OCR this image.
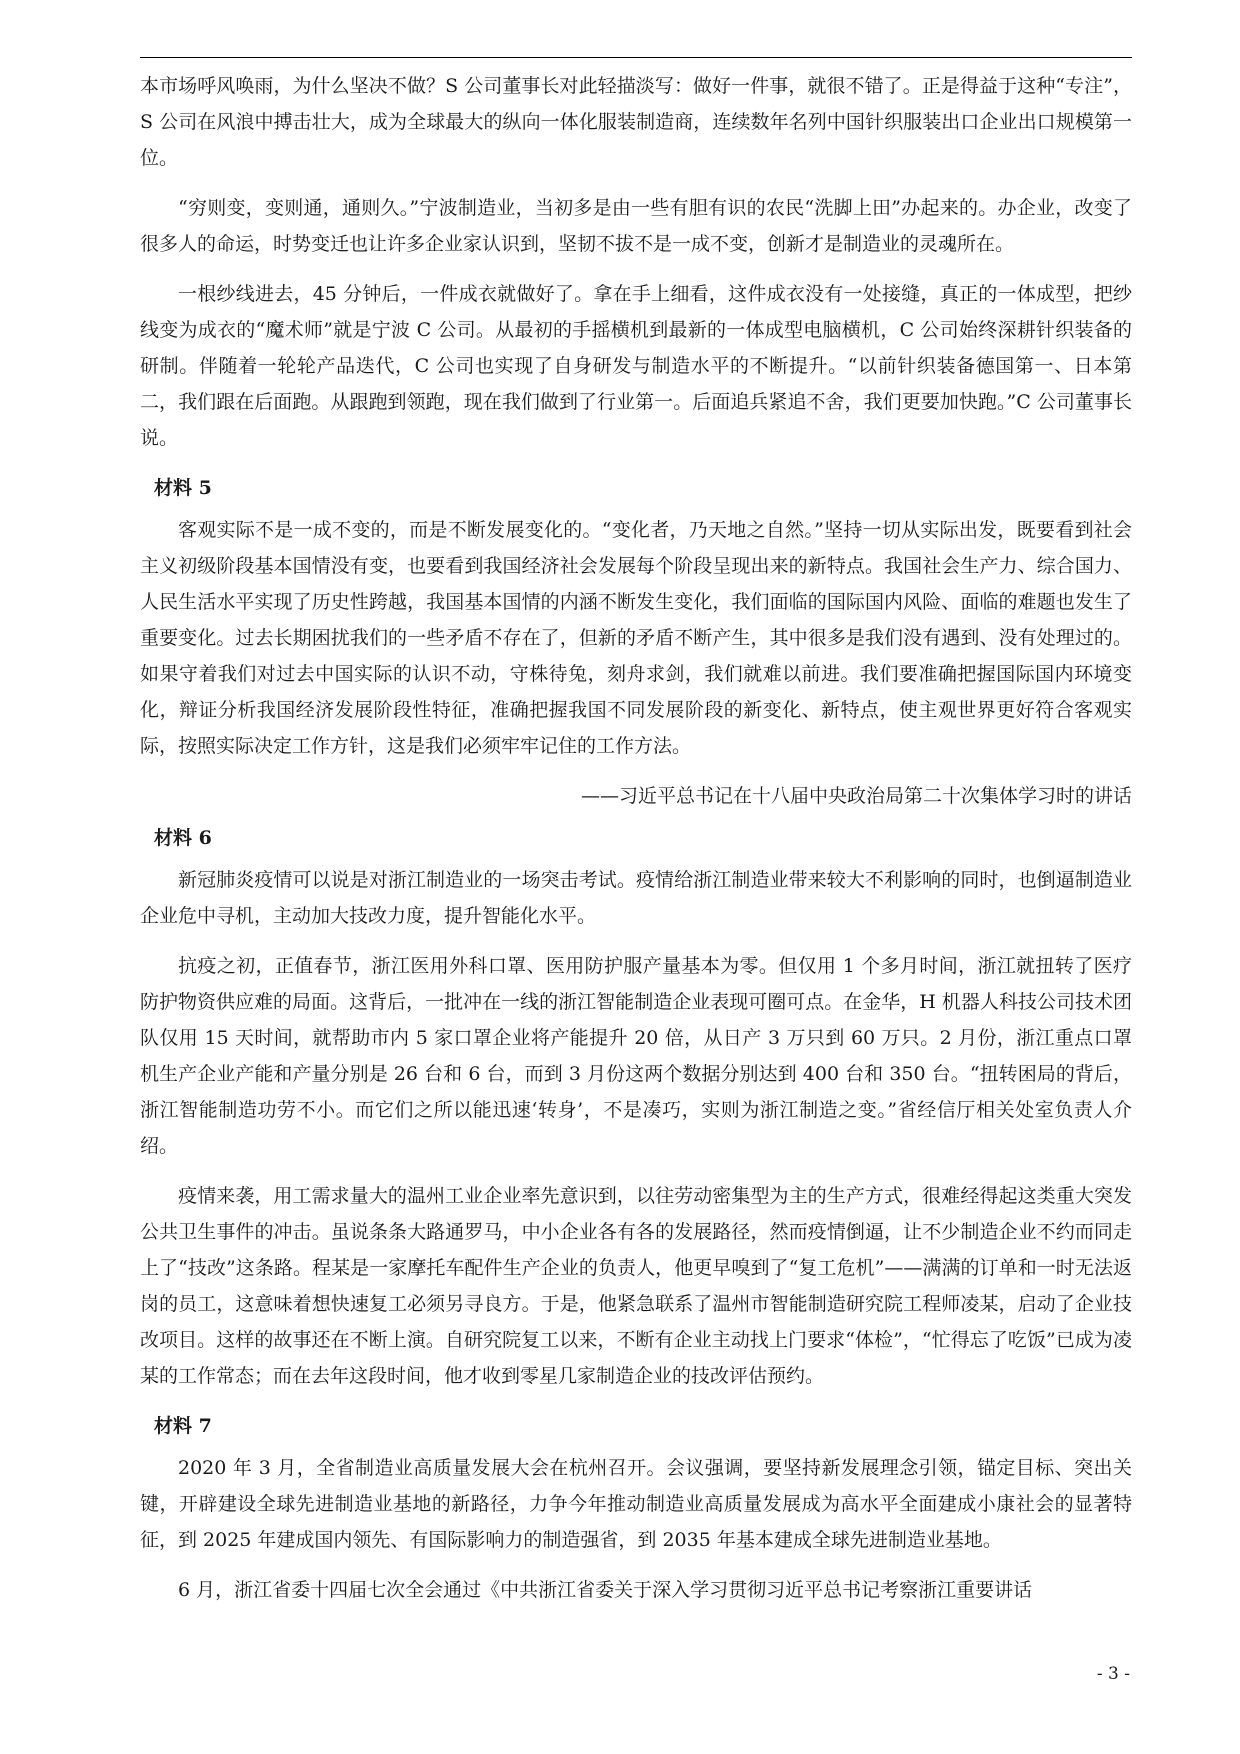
本市场呼风唤雨，为什么坚决不做？S 公司董事长对此轻描淡写：做好一件事，就很不错了。正是得益于这种“专注”，S 公司在风浪中搏击壮大，成为全球最大的纵向一体化服装制造商，连续数年名列中国针织服装出口企业出口规模第一位。

“穷则变，变则通，通则久。”宁波制造业，当初多是由一些有胆有识的农民“洗脚上田”办起来的。办企业，改变了很多人的命运，时势变迁也让许多企业家认识到，坚韧不拔不是一成不变，创新才是制造业的灵魂所在。

一根纱线进去，45 分钟后，一件成衣就做好了。拿在手上细看，这件成衣没有一处接缝，真正的一体成型，把纱线变为成衣的“魔术师”就是宁波 C 公司。从最初的手摇横机到最新的一体成型电脑横机，C 公司始终深耕针织装备的研制。伴随着一轮轮产品迭代，C 公司也实现了自身研发与制造水平的不断提升。“以前针织装备德国第一、日本第二，我们跟在后面跑。从跟跑到领跑，现在我们做到了行业第一。后面追兵紧追不舍，我们更要加快跑。”C 公司董事长说。

材料 5

客观实际不是一成不变的，而是不断发展变化的。“变化者，乃天地之自然。”坚持一切从实际出发，既要看到社会主义初级阶段基本国情没有变，也要看到我国经济社会发展每个阶段呈现出来的新特点。我国社会生产力、综合国力、人民生活水平实现了历史性跨越，我国基本国情的内涵不断发生变化，我们面临的国际国内风险、面临的难题也发生了重要变化。过去长期困扰我们的一些矛盾不存在了，但新的矛盾不断产生，其中很多是我们没有遇到、没有处理过的。如果守着我们对过去中国实际的认识不动，守株待兔，刻舟求剑，我们就难以前进。我们要准确把握国际国内环境变化，辩证分析我国经济发展阶段性特征，准确把握我国不同发展阶段的新变化、新特点，使主观世界更好符合客观实际，按照实际决定工作方针，这是我们必须牢牢记住的工作方法。

——习近平总书记在十八届中央政治局第二十次集体学习时的讲话
材料 6

新冠肺炎疫情可以说是对浙江制造业的一场突击考试。疫情给浙江制造业带来较大不利影响的同时，也倒逼制造业企业危中寻机，主动加大技改力度，提升智能化水平。

抗疫之初，正值春节，浙江医用外科口罩、医用防护服产量基本为零。但仅用 1 个多月时间，浙江就扭转了医疗防护物资供应难的局面。这背后，一批冲在一线的浙江智能制造企业表现可圈可点。在金华，H 机器人科技公司技术团队仅用 15 天时间，就帮助市内 5 家口罩企业将产能提升 20 倍，从日产 3 万只到 60 万只。2 月份，浙江重点口罩机生产企业产能和产量分别是 26 台和 6 台，而到 3 月份这两个数据分别达到 400 台和 350 台。“扭转困局的背后，浙江智能制造功劳不小。而它们之所以能迅速‘转身’，不是凑巧，实则为浙江制造之变。”省经信厅相关处室负责人介绍。

疫情来袭，用工需求量大的温州工业企业率先意识到，以往劳动密集型为主的生产方式，很难经得起这类重大突发公共卫生事件的冲击。虽说条条大路通罗马，中小企业各有各的发展路径，然而疫情倒逼，让不少制造企业不约而同走上了“技改”这条路。程某是一家摩托车配件生产企业的负责人，他更早嗅到了“复工危机”——满满的订单和一时无法返岗的员工，这意味着想快速复工必须另寻良方。于是，他紧急联系了温州市智能制造研究院工程师凌某，启动了企业技改项目。这样的故事还在不断上演。自研究院复工以来，不断有企业主动找上门要求“体检”，“忙得忘了吃饭”已成为凌某的工作常态；而在去年这段时间，他才收到零星几家制造企业的技改评估预约。

材料 7

2020 年 3 月，全省制造业高质量发展大会在杭州召开。会议强调，要坚持新发展理念引领，锚定目标、突出关键，开辟建设全球先进制造业基地的新路径，力争今年推动制造业高质量发展成为高水平全面建成小康社会的显著特征，到 2025 年建成国内领先、有国际影响力的制造强省，到 2035 年基本建成全球先进制造业基地。

6 月，浙江省委十四届七次全会通过《中共浙江省委关于深入学习贯彻习近平总书记考察浙江重要讲话

- 3 -
